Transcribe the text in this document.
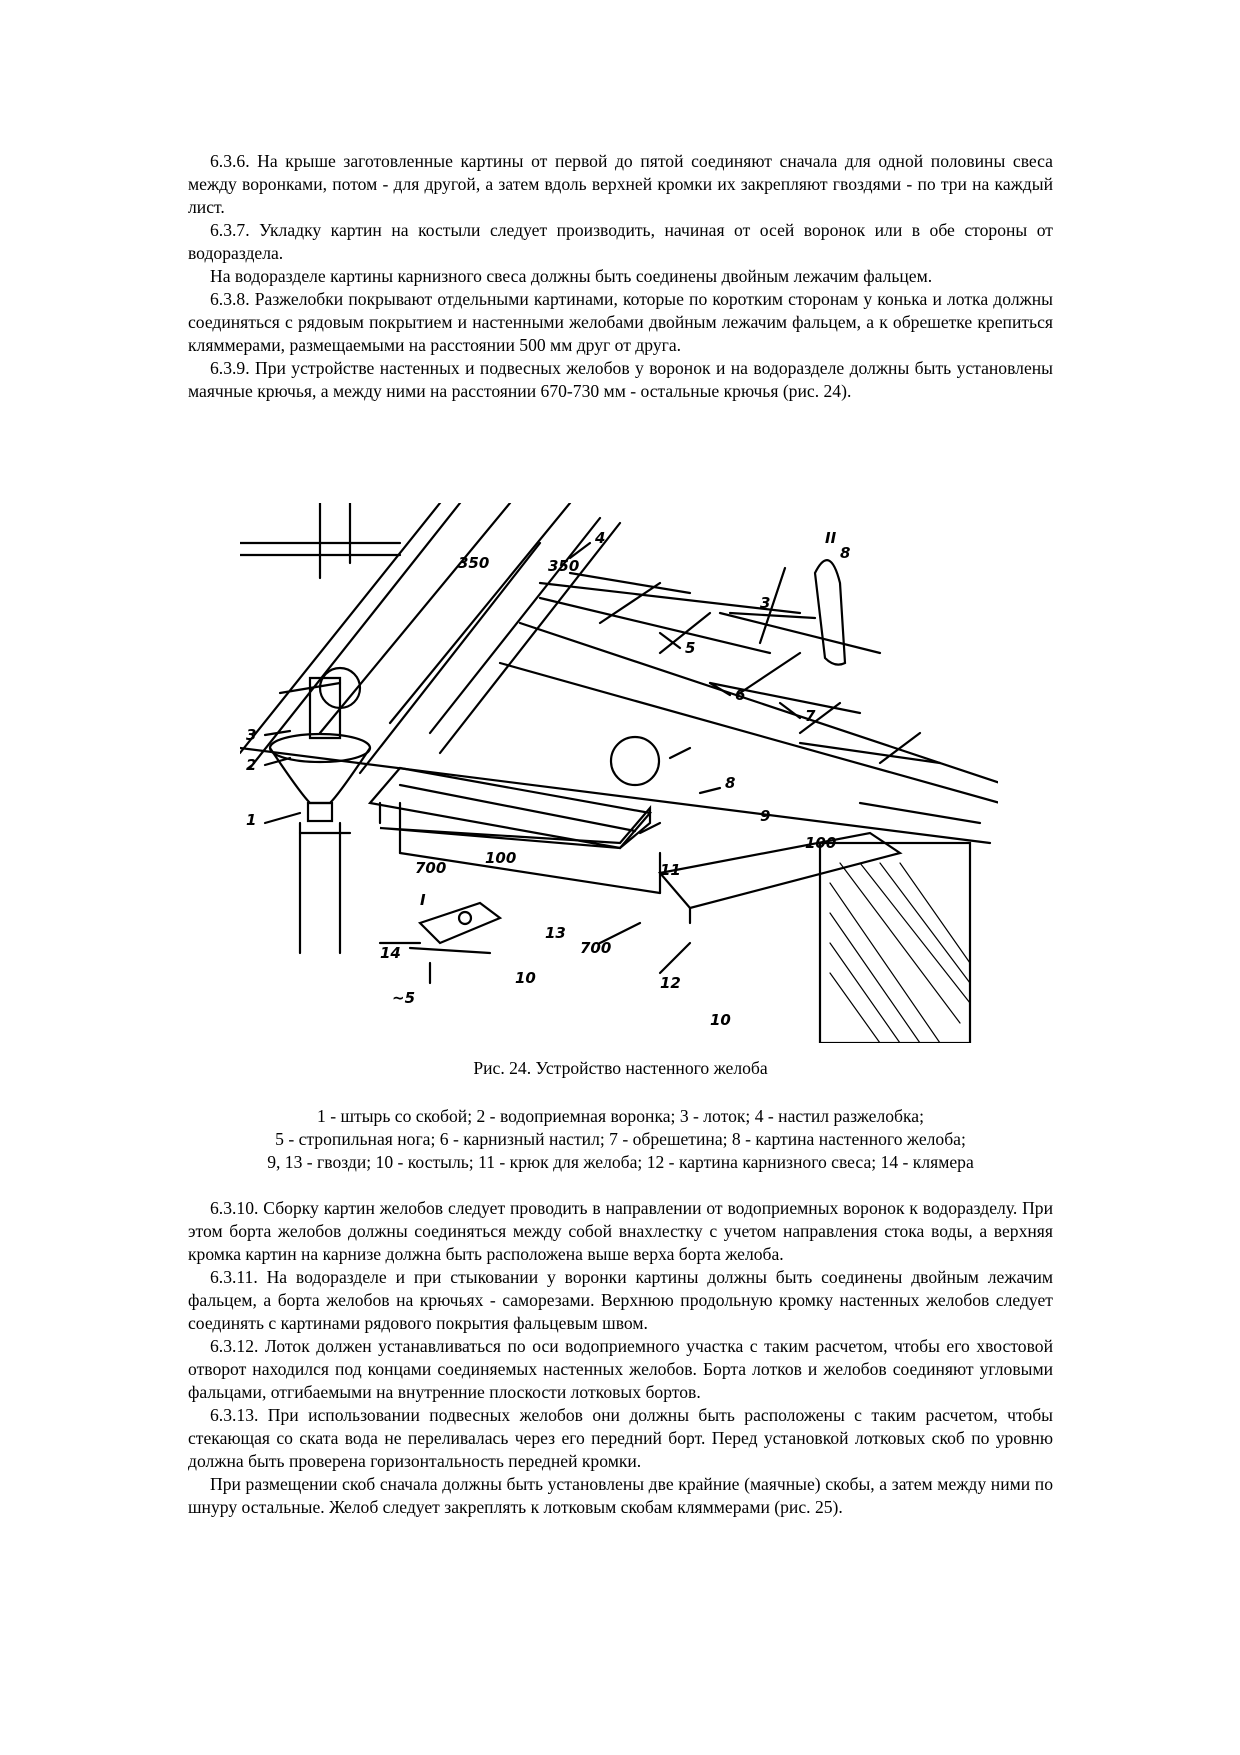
6.3.6. На крыше заготовленные картины от первой до пятой соединяют сначала для одной половины свеса между воронками, потом - для другой, а затем вдоль верхней кромки их закрепляют гвоздями - по три на каждый лист.

6.3.7. Укладку картин на костыли следует производить, начиная от осей воронок или в обе стороны от водораздела.

На водоразделе картины карнизного свеса должны быть соединены двойным лежачим фальцем.

6.3.8. Разжелобки покрывают отдельными картинами, которые по коротким сторонам у конька и лотка должны соединяться с рядовым покрытием и настенными желобами двойным лежачим фальцем, а к обрешетке крепиться кляммерами, размещаемыми на расстоянии 500 мм друг от друга.

6.3.9. При устройстве настенных и подвесных желобов у воронок и на водоразделе должны быть установлены маячные крючья, а между ними на расстоянии 670-730 мм - остальные крючья (рис. 24).

1
2
3
4
5
6
7
8
9
10
11
12
13
14
~5
I
II
350	350
700
100
700
100
10
8
3
Рис. 24. Устройство настенного желоба
1 - штырь со скобой; 2 - водоприемная воронка; 3 - лоток; 4 - настил разжелобка;
5 - стропильная нога; 6 - карнизный настил; 7 - обрешетина; 8 - картина настенного желоба;
9, 13 - гвозди; 10 - костыль; 11 - крюк для желоба; 12 - картина карнизного свеса; 14 - клямера

6.3.10. Сборку картин желобов следует проводить в направлении от водоприемных воронок к водоразделу. При этом борта желобов должны соединяться между собой внахлестку с учетом направления стока воды, а верхняя кромка картин на карнизе должна быть расположена выше верха борта желоба.

6.3.11. На водоразделе и при стыковании у воронки картины должны быть соединены двойным лежачим фальцем, а борта желобов на крючьях - саморезами. Верхнюю продольную кромку настенных желобов следует соединять с картинами рядового покрытия фальцевым швом.

6.3.12. Лоток должен устанавливаться по оси водоприемного участка с таким расчетом, чтобы его хвостовой отворот находился под концами соединяемых настенных желобов. Борта лотков и желобов соединяют угловыми фальцами, отгибаемыми на внутренние плоскости лотковых бортов.

6.3.13. При использовании подвесных желобов они должны быть расположены с таким расчетом, чтобы стекающая со ската вода не переливалась через его передний борт. Перед установкой лотковых скоб по уровню должна быть проверена горизонтальность передней кромки.

При размещении скоб сначала должны быть установлены две крайние (маячные) скобы, а затем между ними по шнуру остальные. Желоб следует закреплять к лотковым скобам кляммерами (рис. 25).
